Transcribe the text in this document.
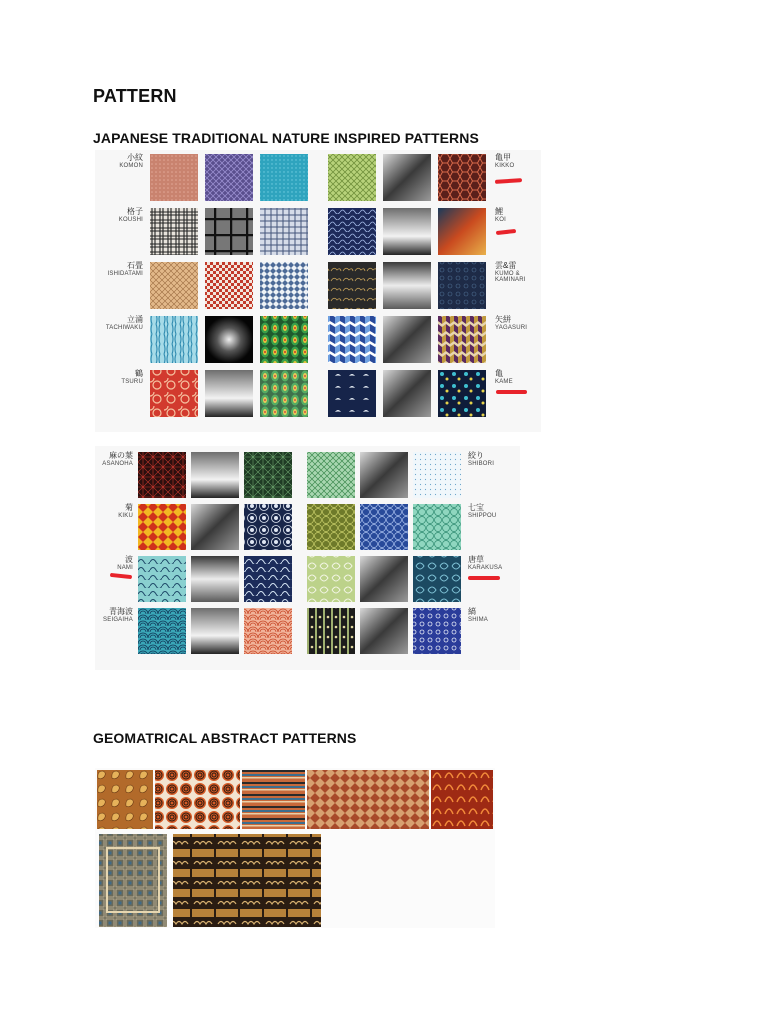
PATTERN
JAPANESE TRADITIONAL NATURE INSPIRED PATTERNS
小紋
KOMON
格子
KOUSHI
石畳
ISHIDATAMI
立涌
TACHIWAKU
鶴
TSURU
亀甲
KIKKO
鯉
KOI
雲&雷
KUMO &
KAMINARI
矢絣
YAGASURI
亀
KAME
麻の葉
ASANOHA
菊
KIKU
波
NAMI
青海波
SEIGAIHA
絞り
SHIBORI
七宝
SHIPPOU
唐草
KARAKUSA
縞
SHIMA
GEOMATRICAL ABSTRACT PATTERNS
